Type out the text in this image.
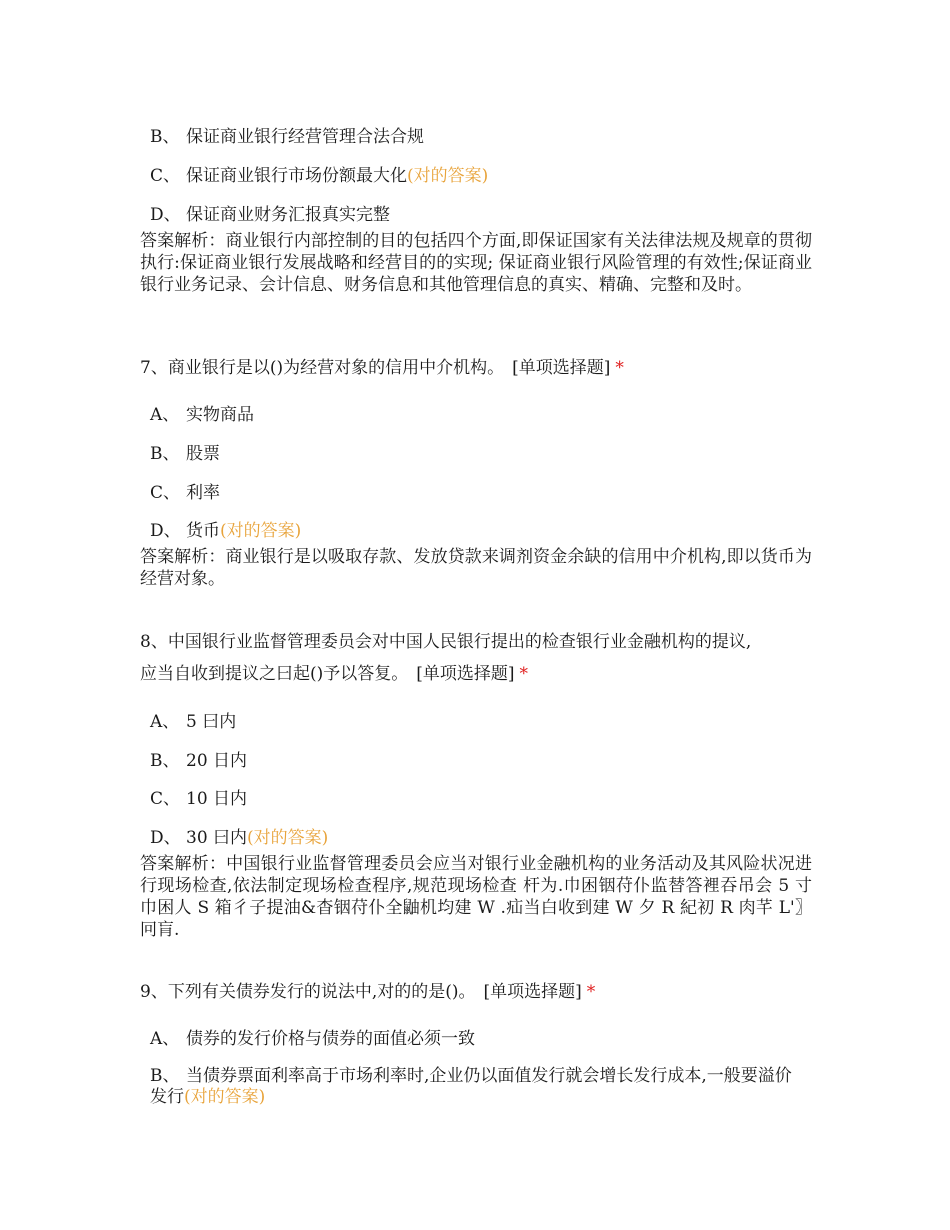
B、 保证商业银行经营管理合法合规
C、 保证商业银行市场份额最大化(对的答案)
D、 保证商业财务汇报真实完整
答案解析：商业银行内部控制的目的包括四个方面,即保证国家有关法律法规及规章的贯彻执行:保证商业银行发展战略和经营目的的实现; 保证商业银行风险管理的有效性;保证商业银行业务记录、会计信息、财务信息和其他管理信息的真实、精确、完整和及时。
7、商业银行是以()为经营对象的信用中介机构。 [单项选择题] *
A、 实物商品
B、 股票
C、 利率
D、 货币(对的答案)
答案解析：商业银行是以吸取存款、发放贷款来调剂资金余缺的信用中介机构,即以货币为经营对象。
8、中国银行业监督管理委员会对中国人民银行提出的检查银行业金融机构的提议,
应当自收到提议之曰起()予以答复。 [单项选择题] *
A、 5 曰内
B、 20 日内
C、 10 日内
D、 30 曰内(对的答案)
答案解析：中国银行业监督管理委员会应当对银行业金融机构的业务活动及其风险状况进行现场检查,依法制定现场检查程序,规范现场检查 杆为.巾困铟苻仆监替答裡吞吊会 5 寸巾困人 S 箱彳子提油&杳铟苻仆全鼬机均建 W .疝当白收到建 W 夕 R 紀初 R 肉芊 L'〗冋肓.
9、下列有关债券发行的说法中,对的的是()。 [单项选择题] *
A、 债券的发行价格与债券的面值必须一致
B、 当债券票面利率高于市场利率时,企业仍以面值发行就会增长发行成本,一般要溢价发行(对的答案)
